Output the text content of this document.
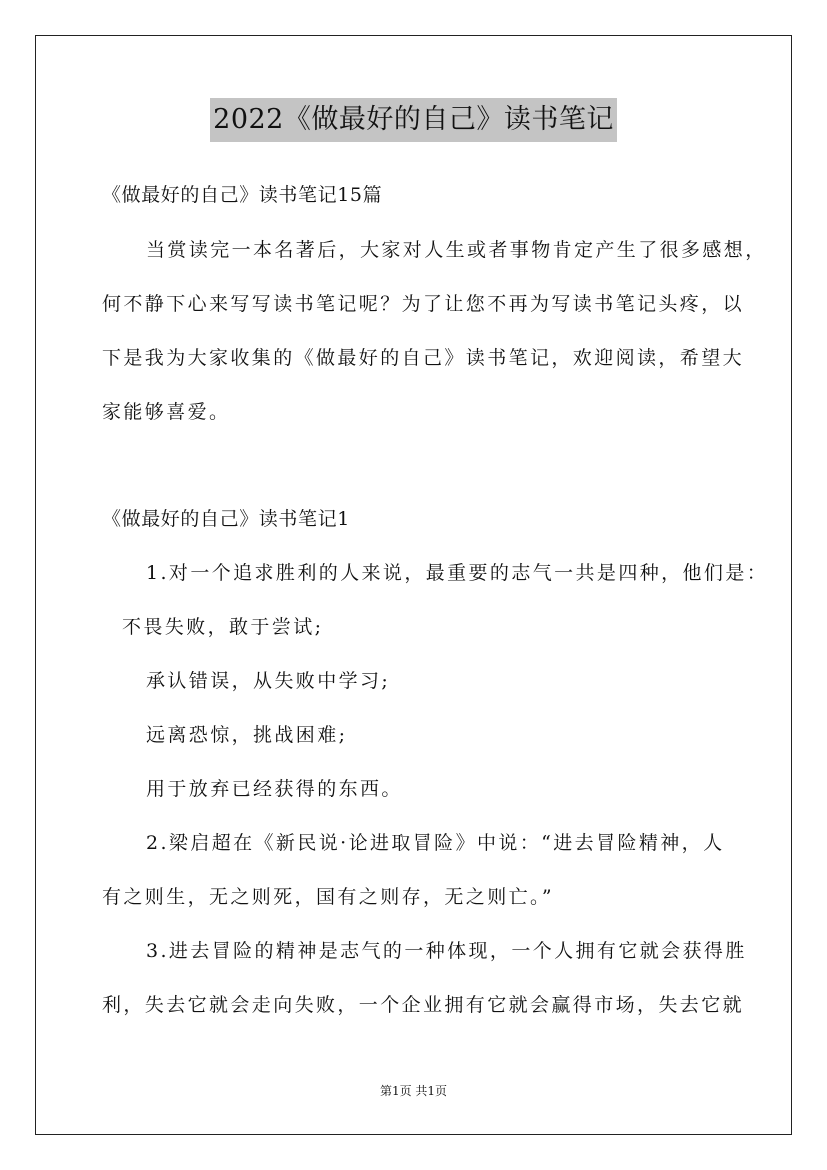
2022《做最好的自己》读书笔记
《做最好的自己》读书笔记15篇
当赏读完一本名著后，大家对人生或者事物肯定产生了很多感想，
何不静下心来写写读书笔记呢？为了让您不再为写读书笔记头疼，以
下是我为大家收集的《做最好的自己》读书笔记，欢迎阅读，希望大
家能够喜爱。
《做最好的自己》读书笔记1
1.对一个追求胜利的人来说，最重要的志气一共是四种，他们是：
不畏失败，敢于尝试;
承认错误，从失败中学习;
远离恐惊，挑战困难;
用于放弃已经获得的东西。
2.梁启超在《新民说·论进取冒险》中说：“进去冒险精神，人
有之则生，无之则死，国有之则存，无之则亡。”
3.进去冒险的精神是志气的一种体现，一个人拥有它就会获得胜
利，失去它就会走向失败，一个企业拥有它就会赢得市场，失去它就
第1页 共1页
